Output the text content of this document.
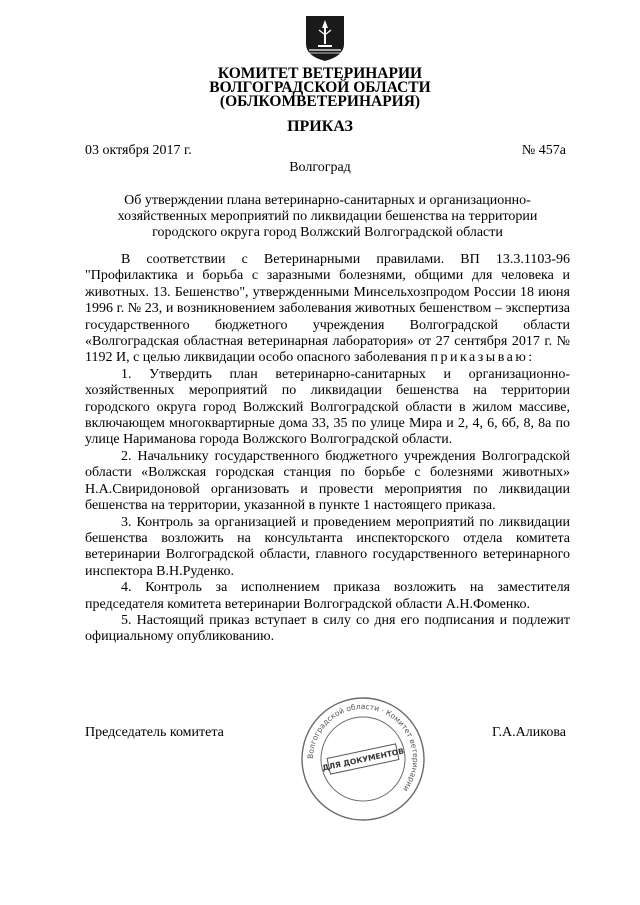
КОМИТЕТ ВЕТЕРИНАРИИ
ВОЛГОГРАДСКОЙ ОБЛАСТИ
(ОБЛКОМВЕТЕРИНАРИЯ)
ПРИКАЗ
03 октября 2017 г.	№ 457а
Волгоград
Об утверждении плана ветеринарно-санитарных и организационно-
хозяйственных мероприятий по ликвидации бешенства на территории
городского округа город Волжский Волгоградской области

В соответствии с Ветеринарными правилами. ВП 13.3.1103-96 "Профилактика и борьба с заразными болезнями, общими для человека и животных. 13. Бешенство", утвержденными Минсельхозпродом России 18 июня 1996 г. № 23, и возникновением заболевания животных бешенством – экспертиза государственного бюджетного учреждения Волгоградской области «Волгоградская областная ветеринарная лаборатория» от 27 сентября 2017 г. № 1192 И, с целью ликвидации особо опасного заболевания приказываю:

1. Утвердить план ветеринарно-санитарных и организационно-хозяйственных мероприятий по ликвидации бешенства на территории городского округа город Волжский Волгоградской области в жилом массиве, включающем многоквартирные дома 33, 35 по улице Мира и 2, 4, 6, 6б, 8, 8а по улице Нариманова города Волжского Волгоградской области.

2. Начальнику государственного бюджетного учреждения Волгоградской области «Волжская городская станция по борьбе с болезнями животных» Н.А.Свиридоновой организовать и провести мероприятия по ликвидации бешенства на территории, указанной в пункте 1 настоящего приказа.

3. Контроль за организацией и проведением мероприятий по ликвидации бешенства возложить на консультанта инспекторского отдела комитета ветеринарии Волгоградской области, главного государственного ветеринарного инспектора В.Н.Руденко.

4. Контроль за исполнением приказа возложить на заместителя председателя комитета ветеринарии Волгоградской области А.Н.Фоменко.

5. Настоящий приказ вступает в силу со дня его подписания и подлежит официальному опубликованию.

Председатель комитета	Г.А.Аликова
Волгоградской области · Комитет ветеринарии
ДЛЯ ДОКУМЕНТОВ
